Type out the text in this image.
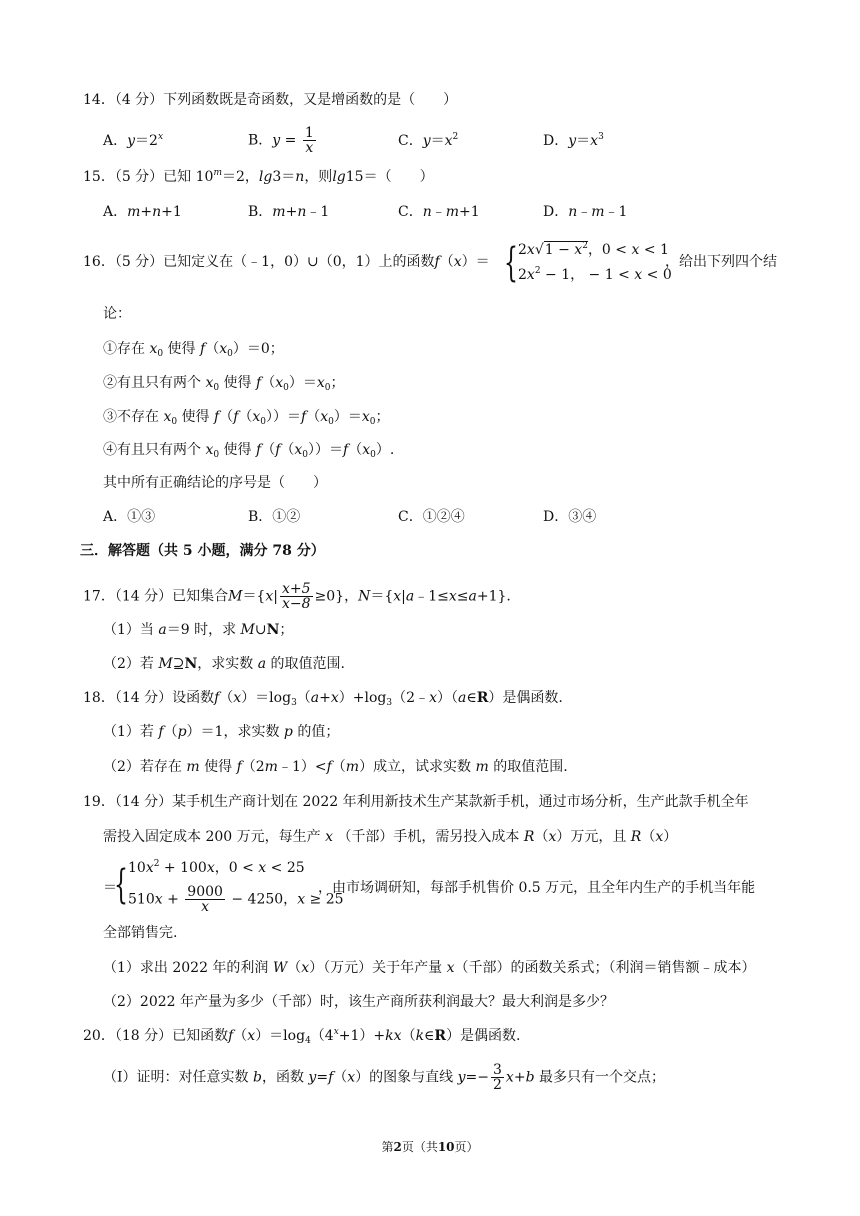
14．（4 分）下列函数既是奇函数，又是增函数的是（　　）
A．$y=2^x$	B．$y = \frac{1}{x}$	C．$y=x^2$	D．$y=x^3$
15．（5 分）已知 $10^m=2$，lg3＝n，则lg15＝（　　）
A．m+n+1	B．m+n﹣1	C．n﹣m+1	D．n﹣m﹣1
16．（5 分）已知定义在（﹣1，0）∪（0，1）上的函数f（x）＝ { $2x√1 - x^2$，0 < x < 1
$2x^2 - 1$， − 1 < x < 0
，给出下列四个结
论：
①存在 $x_0$ 使得 $f(x_0)=0$；
②有且只有两个 $x_0$ 使得 $f(x_0)=x_0$；
③不存在 $x_0$ 使得 $f(f(x_0))=f(x_0)=x_0$；
④有且只有两个 $x_0$ 使得 $f(f(x_0))=f(x_0)$.
其中所有正确结论的序号是（　　）
A．①③	B．①②	C．①②④	D．③④
三．解答题（共 5 小题，满分 78 分）
17．（14 分）已知集合$M=\{x| \frac{x+5}{x-8} \ge 0\}$，N＝{x|a﹣1≤x≤a+1}.
（1）当 a＝9 时，求 M∪N；
（2）若 M⊇N，求实数 a 的取值范围.
18．（14 分）设函数$f(x)=\log_3(a+x)+\log_3(2﹣x)(a\in R)$是偶函数.
（1）若 f（p）＝1，求实数 p 的值；
（2）若存在 m 使得 f（2m﹣1）<f（m）成立，试求实数 m 的取值范围.
19．（14 分）某手机生产商计划在 2022 年利用新技术生产某款新手机，通过市场分析，生产此款手机全年
需投入固定成本 200 万元，每生产 x （千部）手机，需另投入成本 R（x）万元，且 R（x）
＝
{ $10x^2 + 100x$，0 < x < 25
$510x + \frac{9000}{x} - 4250$，x ≥ 25
，由市场调研知，每部手机售价 0.5 万元，且全年内生产的手机当年能
全部销售完.
（1）求出 2022 年的利润 W（x）（万元）关于年产量 x（千部）的函数关系式；（利润＝销售额﹣成本）
（2）2022 年产量为多少（千部）时，该生产商所获利润最大？最大利润是多少？
20．（18 分）已知函数$f(x)=\log_4(4^x+1)+kx(k\in R)$是偶函数.
（Ⅰ）证明：对任意实数 b，函数 y=f（x）的图象与直线 $y=- \frac{3}{2} x+b$ 最多只有一个交点；
第2页（共10页）
